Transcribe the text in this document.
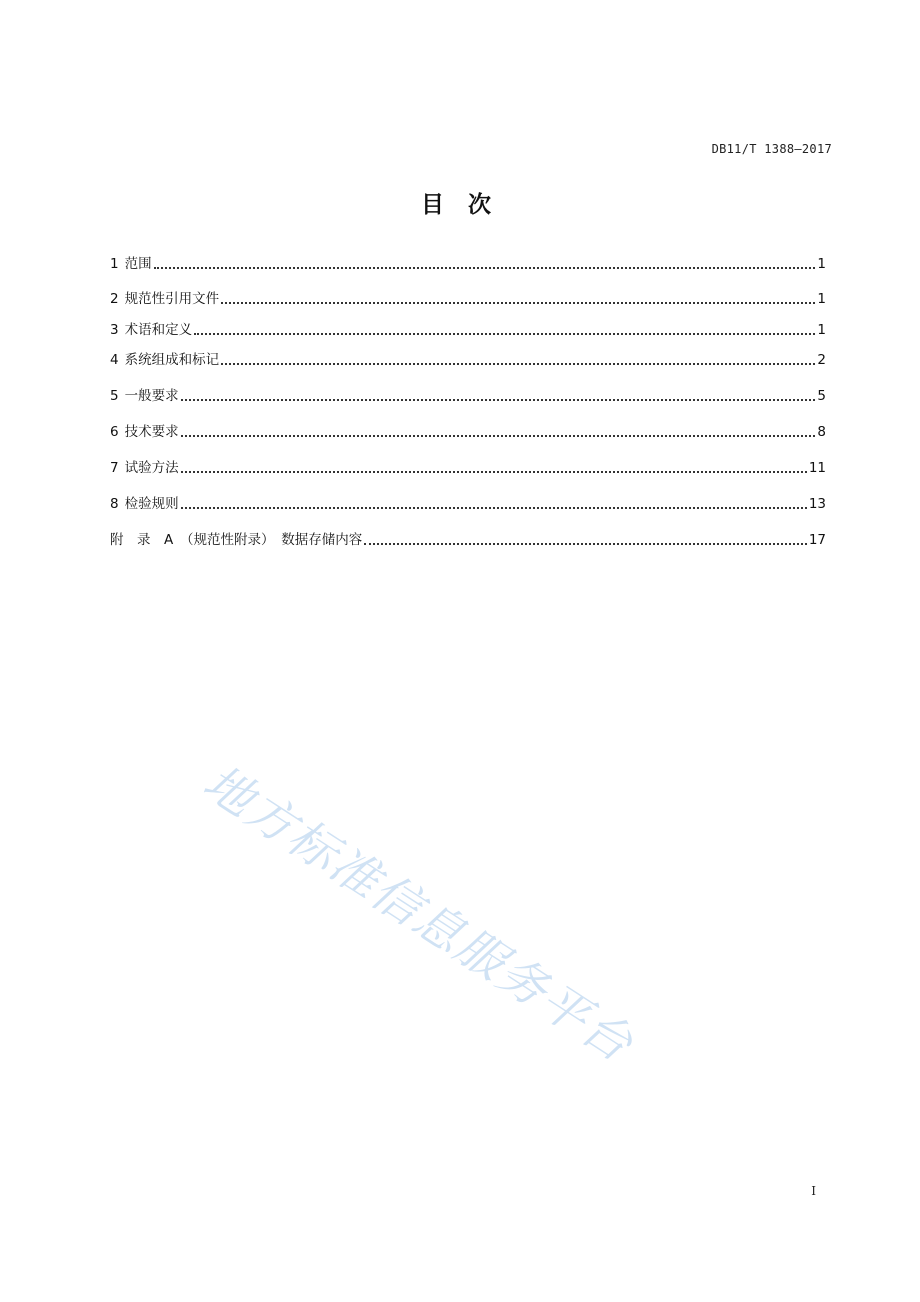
DB11/T 1388—2017
目 次
1 范围	1
2 规范性引用文件	1
3 术语和定义	1
4 系统组成和标记	2
5 一般要求	5
6 技术要求	8
7 试验方法	11
8 检验规则	13
附　录　A　（规范性附录）　数据存储内容	17
地方标准信息服务平台
I
